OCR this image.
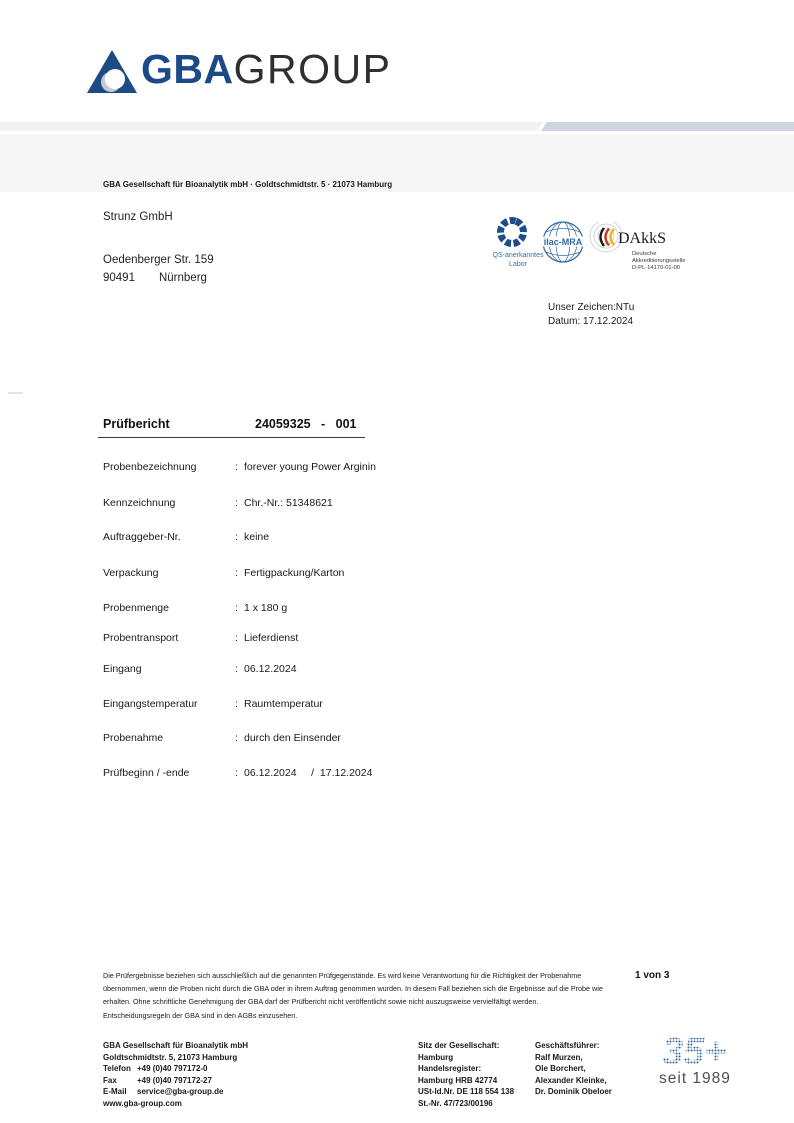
GBAGROUP
GBA Gesellschaft für Bioanalytik mbH · Goldtschmidtstr. 5 · 21073 Hamburg
Strunz GmbH
Oedenberger Str. 159
90491 Nürnberg
QS-anerkanntes
Labor
ilac-MRA DAkkS
Deutsche
Akkreditierungsstelle
D-PL-14170-01-00
Unser Zeichen:NTu
Datum: 17.12.2024
Prüfbericht	24059325   -   001
Probenbezeichnung	: forever young Power Arginin
Kennzeichnung	: Chr.-Nr.: 51348621
Auftraggeber-Nr.	: keine
Verpackung	: Fertigpackung/Karton
Probenmenge	: 1 x 180 g
Probentransport	: Lieferdienst
Eingang	: 06.12.2024
Eingangstemperatur	: Raumtemperatur
Probenahme	: durch den Einsender
Prüfbeginn / -ende	: 06.12.2024     /  17.12.2024
Die Prüfergebnisse beziehen sich ausschließlich auf die genannten Prüfgegenstände. Es wird keine Verantwortung für die Richtigkeit der Probenahme
übernommen, wenn die Proben nicht durch die GBA oder in ihrem Auftrag genommen wurden. In diesem Fall beziehen sich die Ergebnisse auf die Probe wie
erhalten. Ohne schriftliche Genehmigung der GBA darf der Prüfbericht nicht veröffentlicht sowie nicht auszugsweise vervielfältigt werden.
Entscheidungsregeln der GBA sind in den AGBs einzusehen.
1 von 3
GBA Gesellschaft für Bioanalytik mbH
Goldtschmidtstr. 5, 21073 Hamburg
Telefon +49 (0)40 797172-0
Fax	+49 (0)40 797172-27
E-Mail service@gba-group.de
www.gba-group.com
Sitz der Gesellschaft:
Hamburg
Handelsregister:
Hamburg HRB 42774
USt-Id.Nr. DE 118 554 138
St.-Nr. 47/723/00196
Geschäftsführer:
Ralf Murzen,
Ole Borchert,
Alexander Kleinke,
Dr. Dominik Obeloer
35+
seit 1989
